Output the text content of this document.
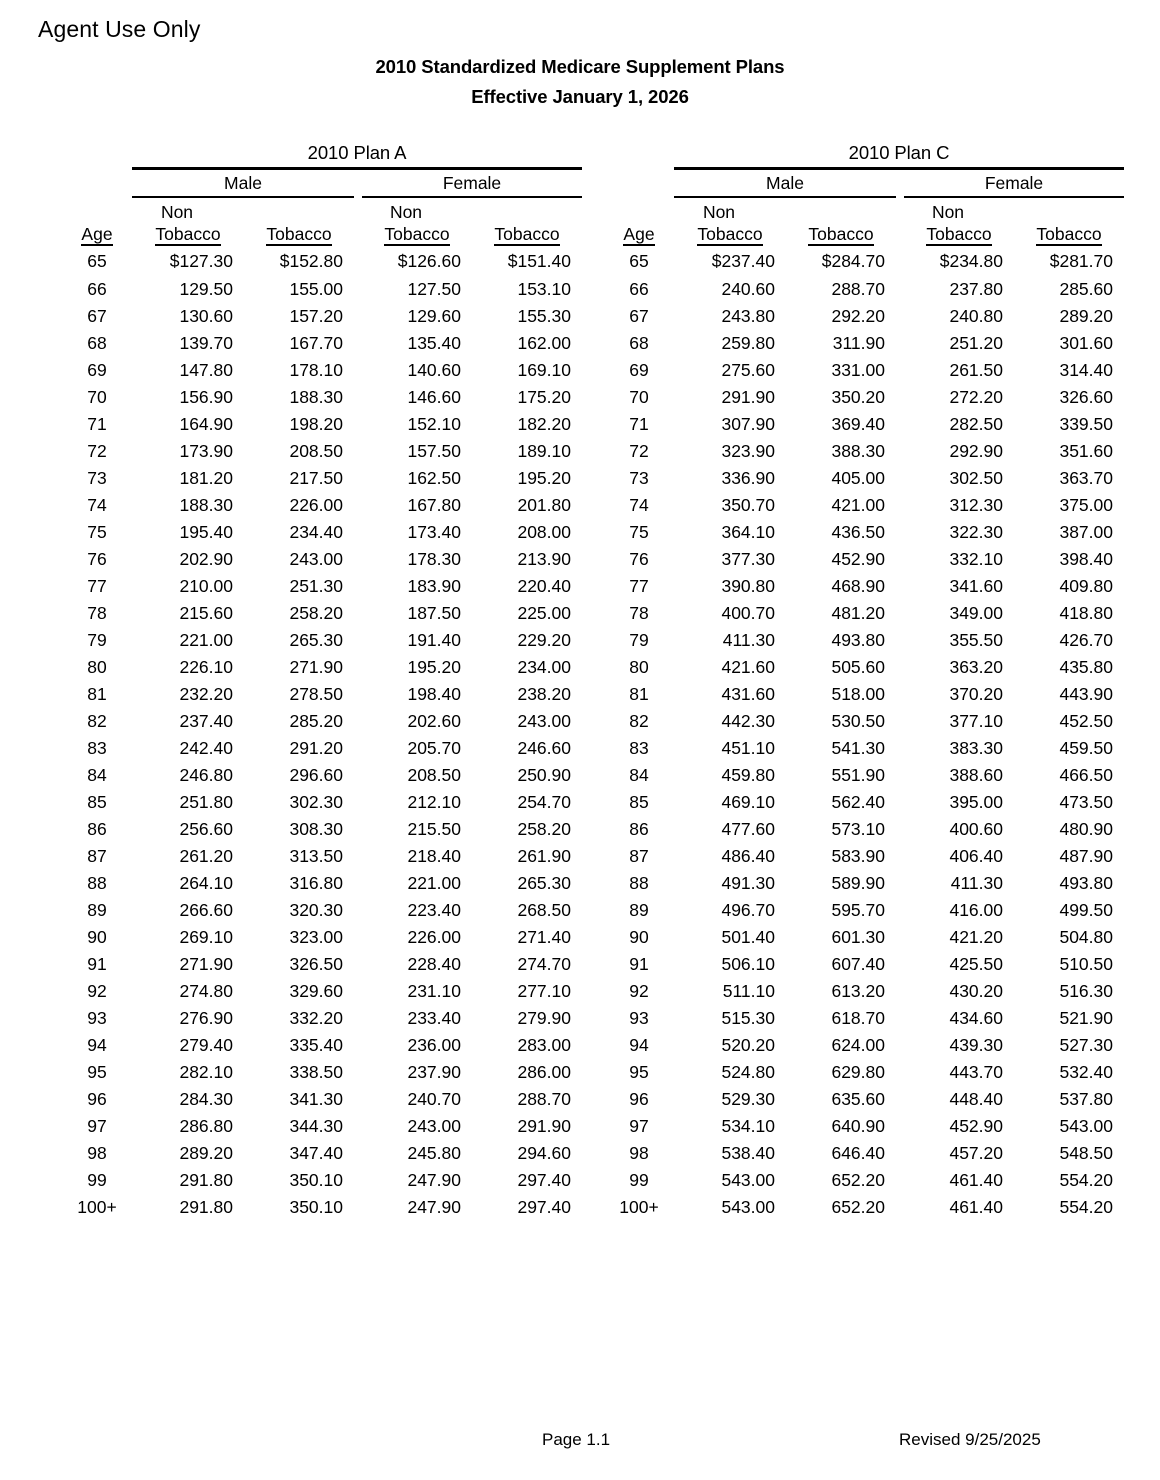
Agent Use Only
2010 Standardized Medicare Supplement Plans
Effective January 1, 2026
	2010 Plan A				

	Male			Female	

	Non			Non	
Age	Tobacco	Tobacco		Tobacco	Tobacco
65	$127.30	$152.80		$126.60	$151.40
66	129.50	155.00		127.50	153.10
67	130.60	157.20		129.60	155.30
68	139.70	167.70		135.40	162.00
69	147.80	178.10		140.60	169.10
70	156.90	188.30		146.60	175.20
71	164.90	198.20		152.10	182.20
72	173.90	208.50		157.50	189.10
73	181.20	217.50		162.50	195.20
74	188.30	226.00		167.80	201.80
75	195.40	234.40		173.40	208.00
76	202.90	243.00		178.30	213.90
77	210.00	251.30		183.90	220.40
78	215.60	258.20		187.50	225.00
79	221.00	265.30		191.40	229.20
80	226.10	271.90		195.20	234.00
81	232.20	278.50		198.40	238.20
82	237.40	285.20		202.60	243.00
83	242.40	291.20		205.70	246.60
84	246.80	296.60		208.50	250.90
85	251.80	302.30		212.10	254.70
86	256.60	308.30		215.50	258.20
87	261.20	313.50		218.40	261.90
88	264.10	316.80		221.00	265.30
89	266.60	320.30		223.40	268.50
90	269.10	323.00		226.00	271.40
91	271.90	326.50		228.40	274.70
92	274.80	329.60		231.10	277.10
93	276.90	332.20		233.40	279.90
94	279.40	335.40		236.00	283.00
95	282.10	338.50		237.90	286.00
96	284.30	341.30		240.70	288.70
97	286.80	344.30		243.00	291.90
98	289.20	347.40		245.80	294.60
99	291.80	350.10		247.90	297.40
100+	291.80	350.10		247.90	297.40
	2010 Plan C				

	Male			Female	

	Non			Non	
Age	Tobacco	Tobacco		Tobacco	Tobacco
65	$237.40	$284.70		$234.80	$281.70
66	240.60	288.70		237.80	285.60
67	243.80	292.20		240.80	289.20
68	259.80	311.90		251.20	301.60
69	275.60	331.00		261.50	314.40
70	291.90	350.20		272.20	326.60
71	307.90	369.40		282.50	339.50
72	323.90	388.30		292.90	351.60
73	336.90	405.00		302.50	363.70
74	350.70	421.00		312.30	375.00
75	364.10	436.50		322.30	387.00
76	377.30	452.90		332.10	398.40
77	390.80	468.90		341.60	409.80
78	400.70	481.20		349.00	418.80
79	411.30	493.80		355.50	426.70
80	421.60	505.60		363.20	435.80
81	431.60	518.00		370.20	443.90
82	442.30	530.50		377.10	452.50
83	451.10	541.30		383.30	459.50
84	459.80	551.90		388.60	466.50
85	469.10	562.40		395.00	473.50
86	477.60	573.10		400.60	480.90
87	486.40	583.90		406.40	487.90
88	491.30	589.90		411.30	493.80
89	496.70	595.70		416.00	499.50
90	501.40	601.30		421.20	504.80
91	506.10	607.40		425.50	510.50
92	511.10	613.20		430.20	516.30
93	515.30	618.70		434.60	521.90
94	520.20	624.00		439.30	527.30
95	524.80	629.80		443.70	532.40
96	529.30	635.60		448.40	537.80
97	534.10	640.90		452.90	543.00
98	538.40	646.40		457.20	548.50
99	543.00	652.20		461.40	554.20
100+	543.00	652.20		461.40	554.20
Page 1.1	Revised 9/25/2025
